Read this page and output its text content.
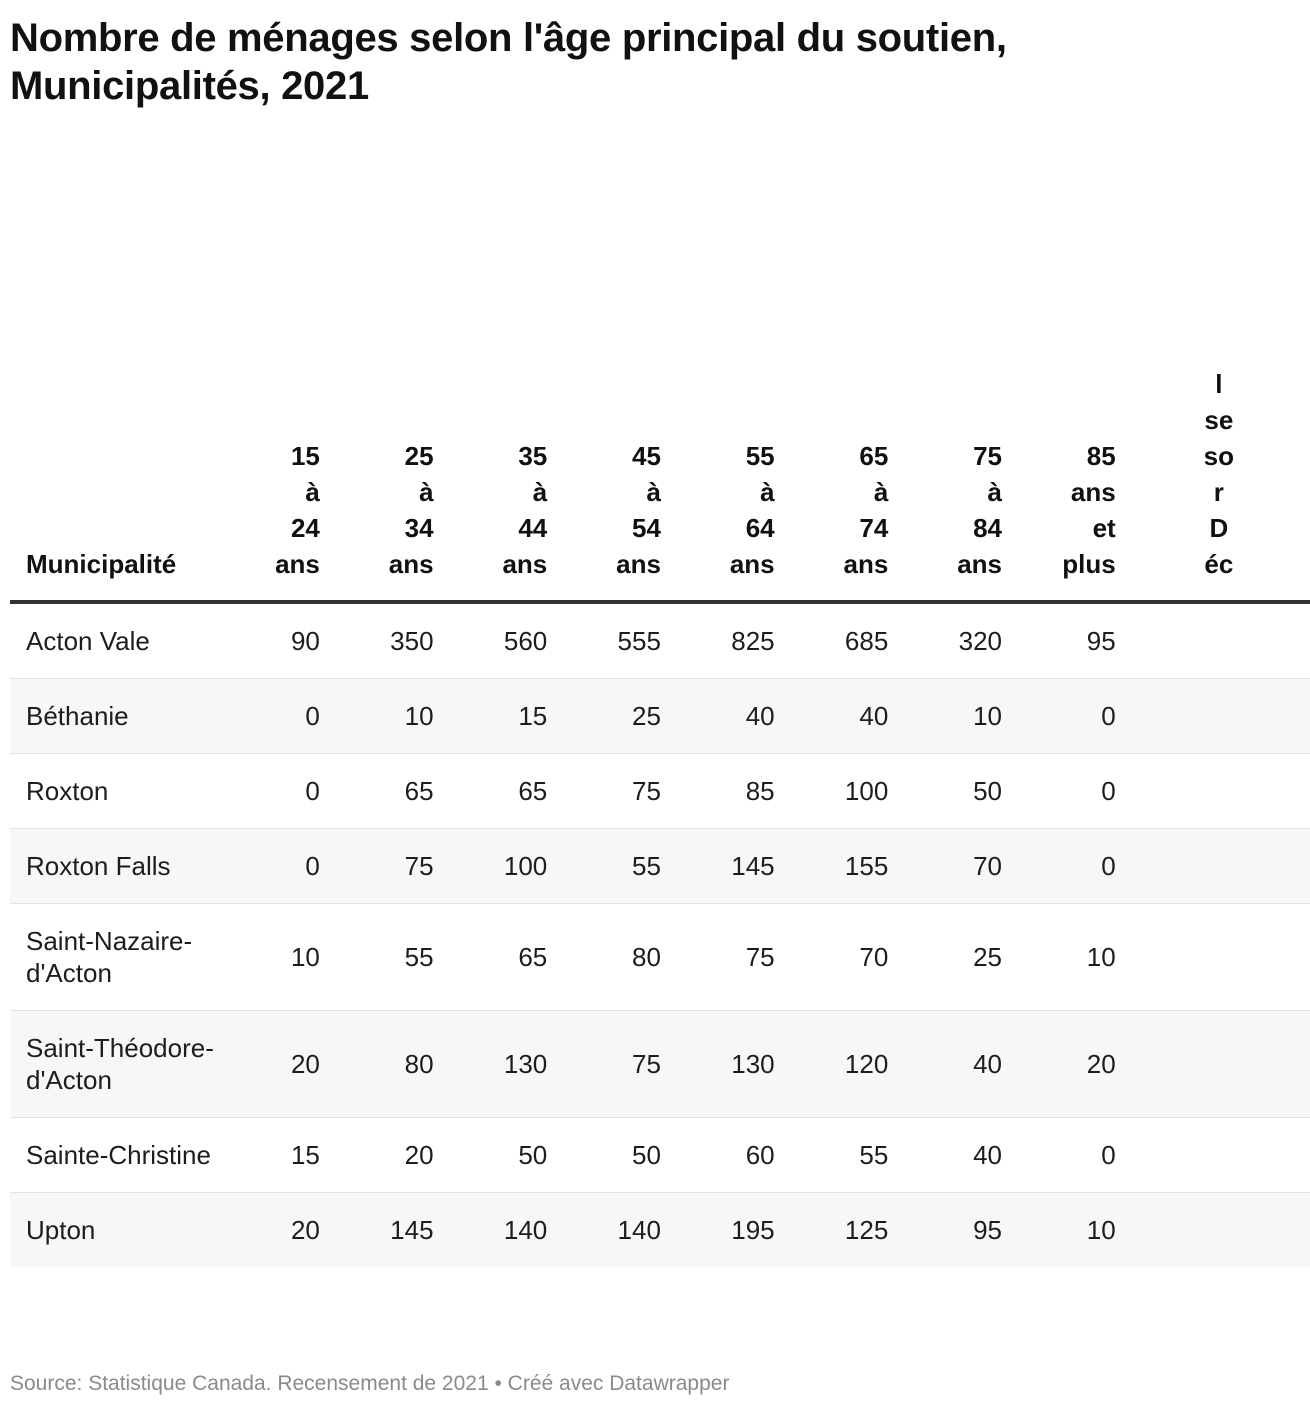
Nombre de ménages selon l'âge principal du soutien, Municipalités, 2021
Municipalité	15 à 24 ans	25 à 34 ans	35 à 44 ans	45 à 54 ans	55 à 64 ans	65 à 74 ans	75 à 84 ans	85 ans et plus	l se so r D éc
Acton Vale	90	350	560	555	825	685	320	95	
Béthanie	0	10	15	25	40	40	10	0	
Roxton	0	65	65	75	85	100	50	0	
Roxton Falls	0	75	100	55	145	155	70	0	
Saint-Nazaire-d'Acton	10	55	65	80	75	70	25	10	
Saint-Théodore-d'Acton	20	80	130	75	130	120	40	20	
Sainte-Christine	15	20	50	50	60	55	40	0	
Upton	20	145	140	140	195	125	95	10	
Source: Statistique Canada. Recensement de 2021 • Créé avec Datawrapper
